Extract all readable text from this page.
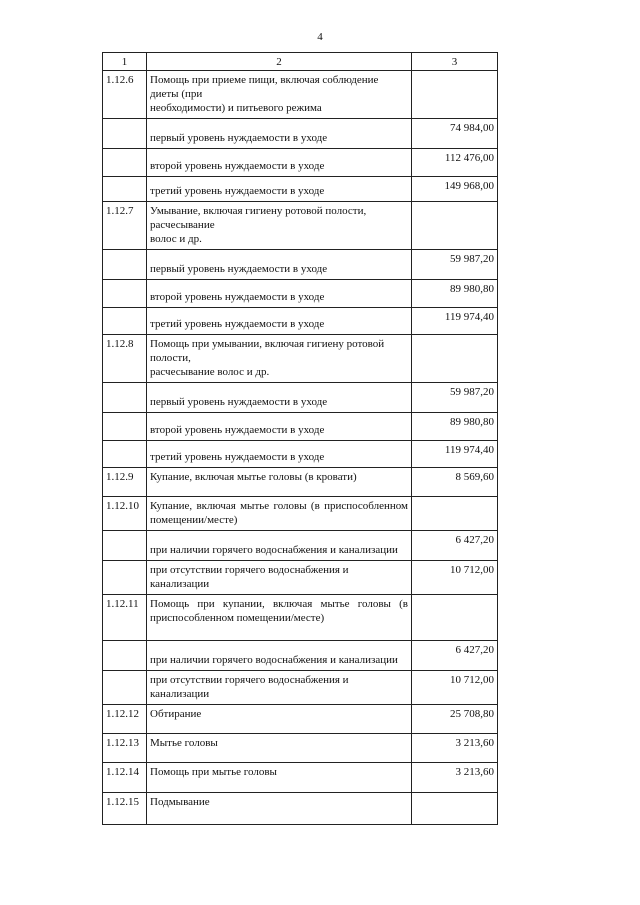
4
1	2	3
1.12.6	Помощь при приеме пищи, включая соблюдение диеты (при
необходимости) и питьевого режима	

	первый уровень нуждаемости в уходе	74 984,00
	второй уровень нуждаемости в уходе	112 476,00
	третий уровень нуждаемости в уходе	149 968,00
1.12.7	Умывание, включая гигиену ротовой полости, расчесывание
волос и др.	

	первый уровень нуждаемости в уходе	59 987,20
	второй уровень нуждаемости в уходе	89 980,80
	третий уровень нуждаемости в уходе	119 974,40
1.12.8	Помощь при умывании, включая гигиену ротовой полости,
расчесывание волос и др.	

	первый уровень нуждаемости в уходе	59 987,20
	второй уровень нуждаемости в уходе	89 980,80
	третий уровень нуждаемости в уходе	119 974,40
1.12.9	Купание, включая мытье головы (в кровати)	8 569,60
1.12.10	Купание, включая мытье головы (в приспособленном
помещении/месте)	

	при наличии горячего водоснабжения и канализации	6 427,20
	при отсутствии горячего водоснабжения и канализации	10 712,00
1.12.11	Помощь при купании, включая мытье головы (в
приспособленном помещении/месте)	

	при наличии горячего водоснабжения и канализации	6 427,20
	при отсутствии горячего водоснабжения и канализации	10 712,00
1.12.12	Обтирание	25 708,80
1.12.13	Мытье головы	3 213,60
1.12.14	Помощь при мытье головы	3 213,60
1.12.15	Подмывание	
